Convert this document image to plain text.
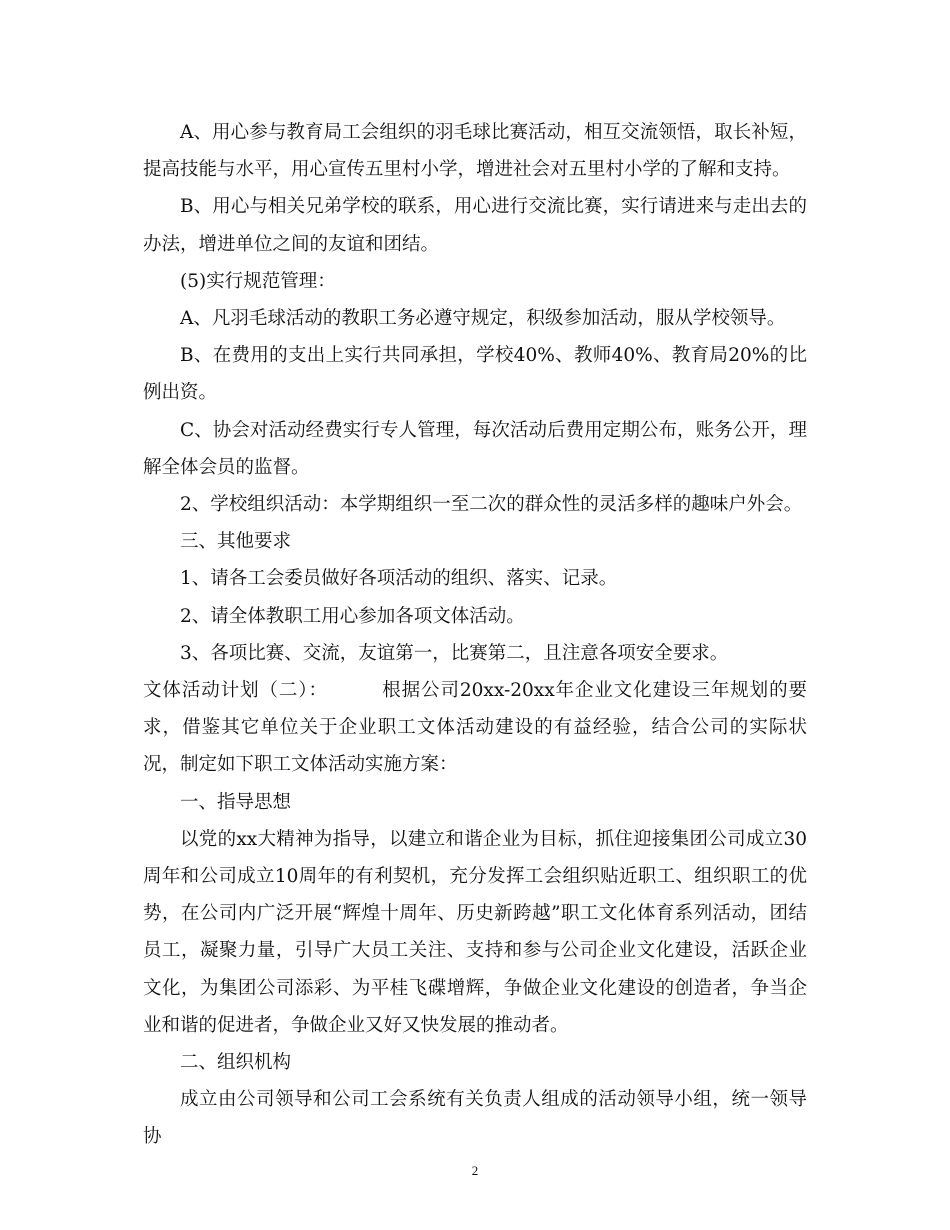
A、用心参与教育局工会组织的羽毛球比赛活动，相互交流领悟，取长补短，提高技能与水平，用心宣传五里村小学，增进社会对五里村小学的了解和支持。

B、用心与相关兄弟学校的联系，用心进行交流比赛，实行请进来与走出去的办法，增进单位之间的友谊和团结。

(5)实行规范管理：

A、凡羽毛球活动的教职工务必遵守规定，积级参加活动，服从学校领导。

B、在费用的支出上实行共同承担，学校40%、教师40%、教育局20%的比例出资。

C、协会对活动经费实行专人管理，每次活动后费用定期公布，账务公开，理解全体会员的监督。

2、学校组织活动：本学期组织一至二次的群众性的灵活多样的趣味户外会。

三、其他要求

1、请各工会委员做好各项活动的组织、落实、记录。

2、请全体教职工用心参加各项文体活动。

3、各项比赛、交流，友谊第一，比赛第二，且注意各项安全要求。

文体活动计划（二）：        根据公司20xx-20xx年企业文化建设三年规划的要求，借鉴其它单位关于企业职工文体活动建设的有益经验，结合公司的实际状况，制定如下职工文体活动实施方案：

一、指导思想

以党的xx大精神为指导，以建立和谐企业为目标，抓住迎接集团公司成立30周年和公司成立10周年的有利契机，充分发挥工会组织贴近职工、组织职工的优势，在公司内广泛开展“辉煌十周年、历史新跨越”职工文化体育系列活动，团结员工，凝聚力量，引导广大员工关注、支持和参与公司企业文化建设，活跃企业文化，为集团公司添彩、为平桂飞碟增辉，争做企业文化建设的创造者，争当企业和谐的促进者，争做企业又好又快发展的推动者。

二、组织机构

成立由公司领导和公司工会系统有关负责人组成的活动领导小组，统一领导协

2
